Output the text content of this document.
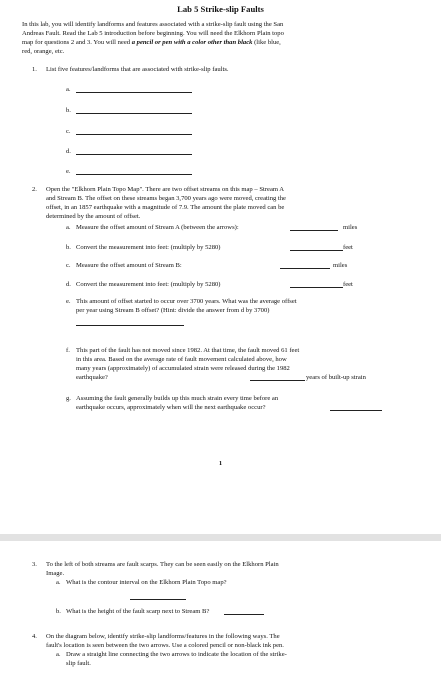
Lab 5 Strike-slip Faults
In this lab, you will identify landforms and features associated with a strike-slip fault using the San
Andreas Fault. Read the Lab 5 introduction before beginning. You will need the Elkhorn Plain topo
map for questions 2 and 3. You will need a pencil or pen with a color other than black (like blue,
red, orange, etc.
1. List five features/landforms that are associated with strike-slip faults.
a.
b.
c.
d.
e.
2. Open the "Elkhorn Plain Topo Map". There are two offset streams on this map – Stream A
and Stream B. The offset on these streams began 3,700 years ago were moved, creating the
offset, in an 1857 earthquake with a magnitude of 7.9. The amount the plate moved can be
determined by the amount of offset.
a. Measure the offset amount of Stream A (between the arrows):	miles
b. Convert the measurement into feet: (multiply by 5280)	feet
c. Measure the offset amount of Stream B:	miles
d. Convert the measurement into feet: (multiply by 5280)	feet
e. This amount of offset started to occur over 3700 years. What was the average offset
per year using Stream B offset? (Hint: divide the answer from d by 3700)
f. This part of the fault has not moved since 1982. At that time, the fault moved 61 feet
in this area. Based on the average rate of fault movement calculated above, how
many years (approximately) of accumulated strain were released during the 1982
earthquake?	years of built-up strain
g. Assuming the fault generally builds up this much strain every time before an
earthquake occurs, approximately when will the next earthquake occur?
1
3. To the left of both streams are fault scarps. They can be seen easily on the Elkhorn Plain
Image.
a. What is the contour interval on the Elkhorn Plain Topo map?
b. What is the height of the fault scarp next to Stream B?
4. On the diagram below, identify strike-slip landforms/features in the following ways. The
fault's location is seen between the two arrows. Use a colored pencil or non-black ink pen.
a. Draw a straight line connecting the two arrows to indicate the location of the strike-
slip fault.
